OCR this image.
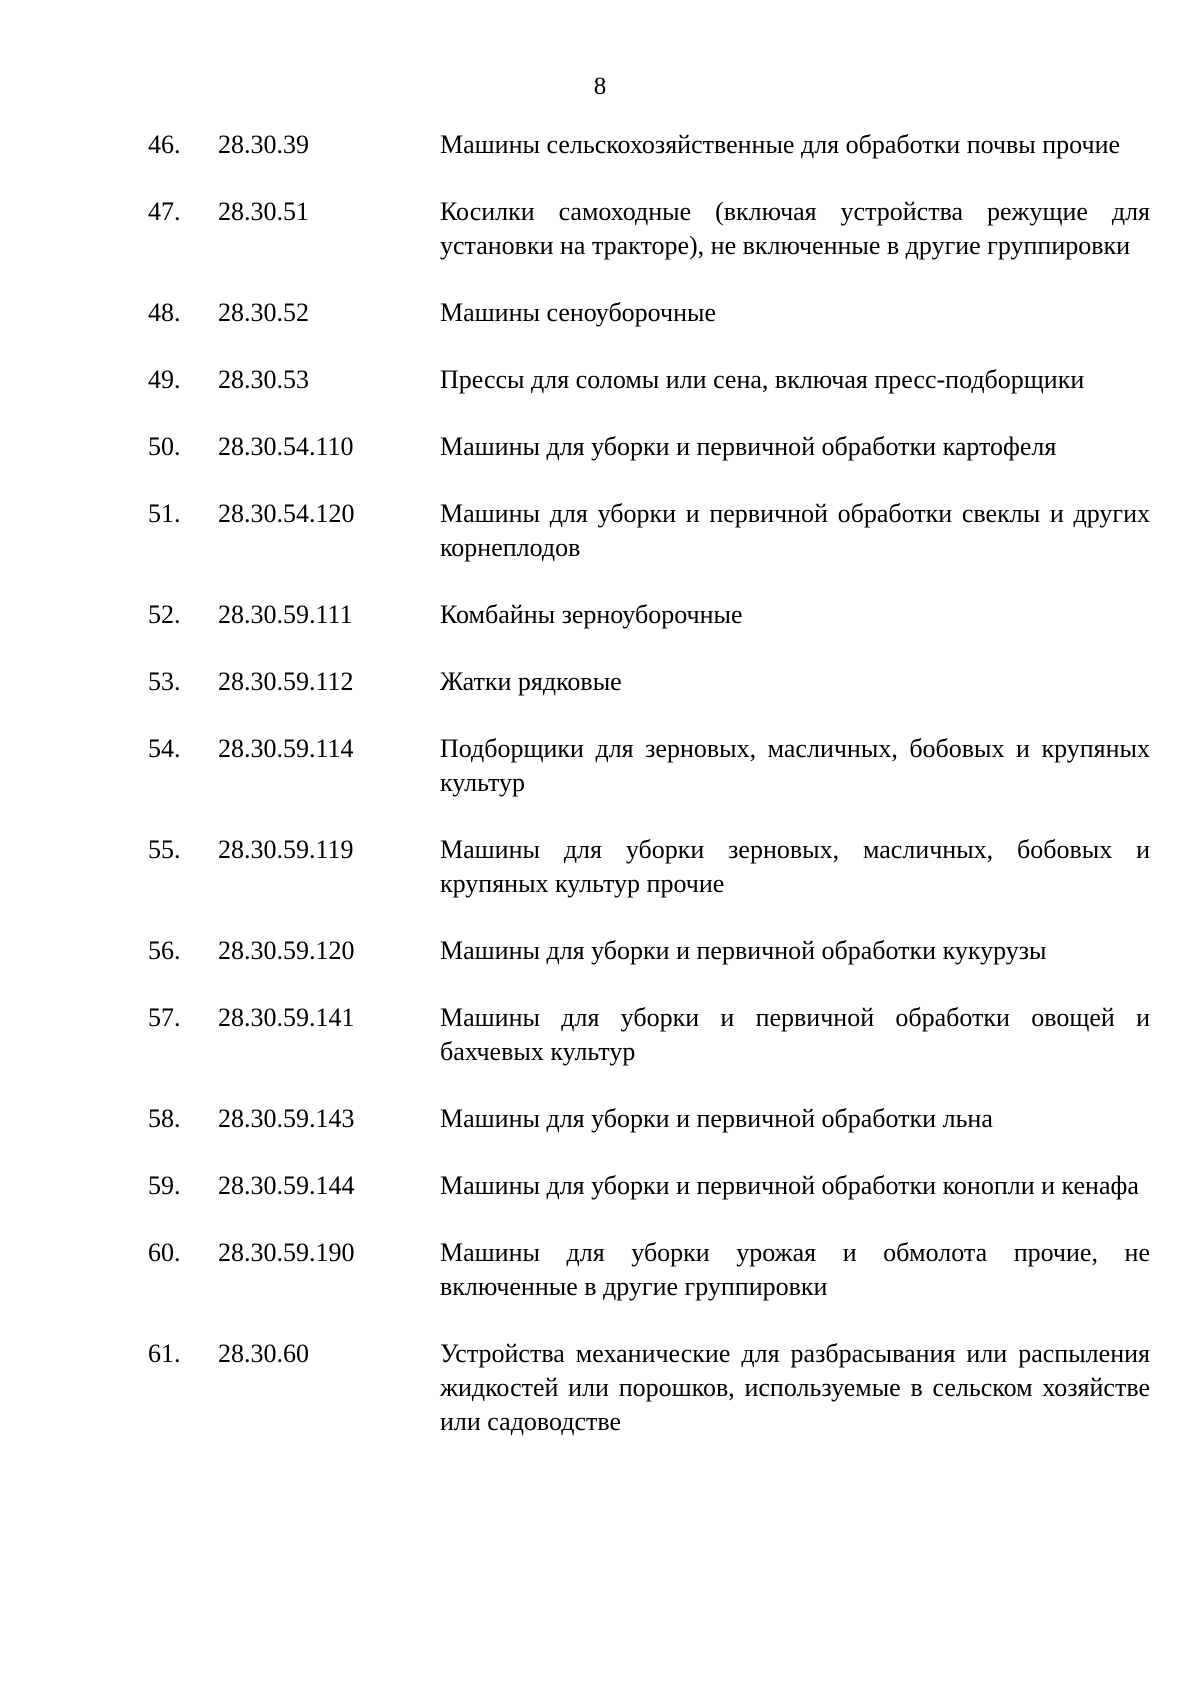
8
46. 28.30.39	Машины сельскохозяйственные для обработки почвы прочие
47. 28.30.51	Косилки самоходные (включая устройства режущие для установки на тракторе), не включенные в другие группировки
48. 28.30.52	Машины сеноуборочные
49. 28.30.53	Прессы для соломы или сена, включая пресс-подборщики
50. 28.30.54.110	Машины для уборки и первичной обработки картофеля
51. 28.30.54.120	Машины для уборки и первичной обработки свеклы и других корнеплодов
52. 28.30.59.111	Комбайны зерноуборочные
53. 28.30.59.112	Жатки рядковые
54. 28.30.59.114	Подборщики для зерновых, масличных, бобовых и крупяных культур
55. 28.30.59.119	Машины для уборки зерновых, масличных, бобовых и крупяных культур прочие
56. 28.30.59.120	Машины для уборки и первичной обработки кукурузы
57. 28.30.59.141	Машины для уборки и первичной обработки овощей и бахчевых культур
58. 28.30.59.143	Машины для уборки и первичной обработки льна
59. 28.30.59.144	Машины для уборки и первичной обработки конопли и кенафа
60. 28.30.59.190	Машины для уборки урожая и обмолота прочие, не включенные в другие группировки
61. 28.30.60	Устройства механические для разбрасывания или распыления жидкостей или порошков, используемые в сельском хозяйстве или садоводстве
